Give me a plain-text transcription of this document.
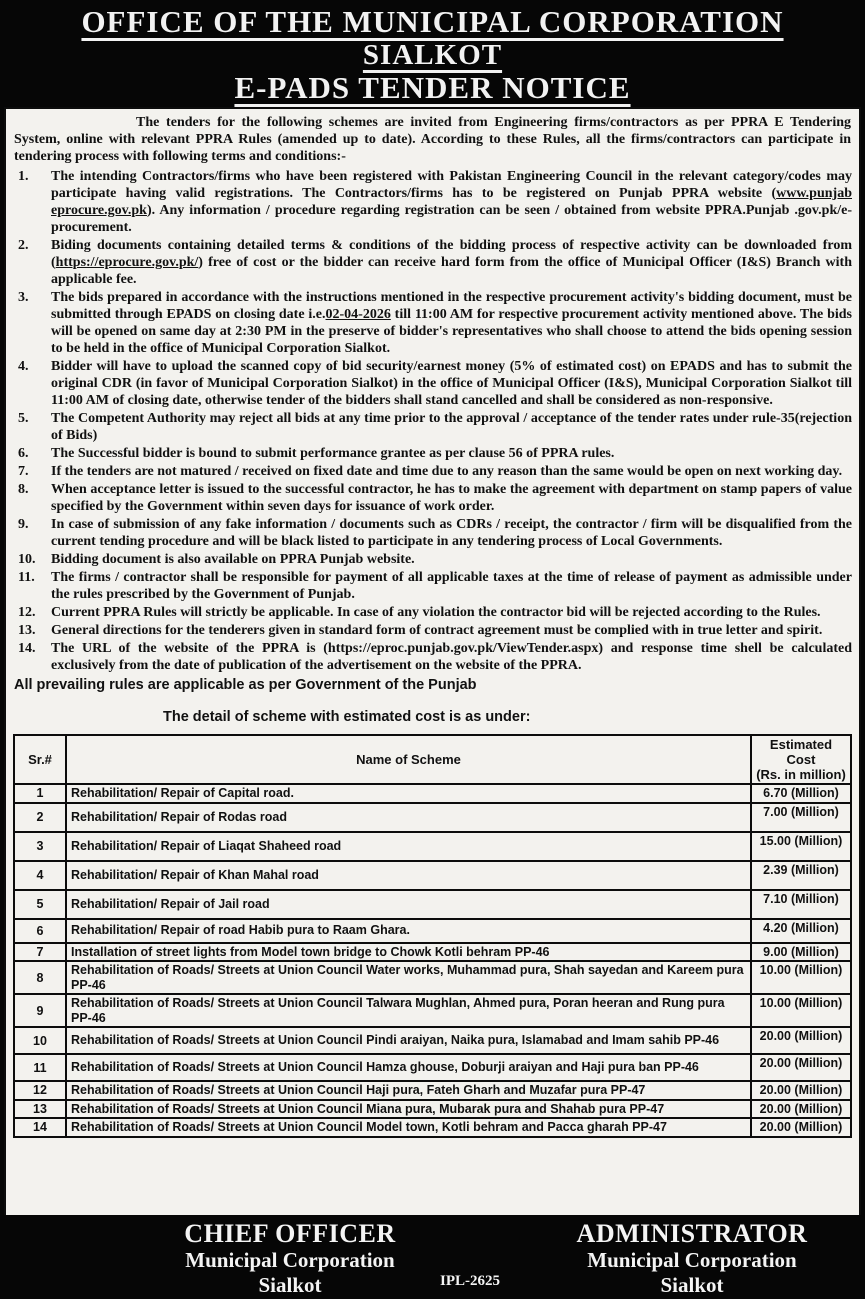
OFFICE OF THE MUNICIPAL CORPORATION
SIALKOT
E-PADS TENDER NOTICE

The tenders for the following schemes are invited from Engineering firms/contractors as per PPRA E Tendering System, online with relevant PPRA Rules (amended up to date). According to these Rules, all the firms/contractors can participate in tendering process with following terms and conditions:-

1. The intending Contractors/firms who have been registered with Pakistan Engineering Council in the relevant category/codes may participate having valid registrations. The Contractors/firms has to be registered on Punjab PPRA website (www.punjab eprocure.gov.pk). Any information / procedure regarding registration can be seen / obtained from website PPRA.Punjab .gov.pk/e-procurement.
2. Biding documents containing detailed terms & conditions of the bidding process of respective activity can be downloaded from (https://eprocure.gov.pk/) free of cost or the bidder can receive hard form from the office of Municipal Officer (I&S) Branch with applicable fee.
3. The bids prepared in accordance with the instructions mentioned in the respective procurement activity's bidding document, must be submitted through EPADS on closing date i.e.02-04-2026 till 11:00 AM for respective procurement activity mentioned above. The bids will be opened on same day at 2:30 PM in the preserve of bidder's representatives who shall choose to attend the bids opening session to be held in the office of Municipal Corporation Sialkot.
4. Bidder will have to upload the scanned copy of bid security/earnest money (5% of estimated cost) on EPADS and has to submit the original CDR (in favor of Municipal Corporation Sialkot) in the office of Municipal Officer (I&S), Municipal Corporation Sialkot till 11:00 AM of closing date, otherwise tender of the bidders shall stand cancelled and shall be considered as non-responsive.
5. The Competent Authority may reject all bids at any time prior to the approval / acceptance of the tender rates under rule-35(rejection of Bids)
6. The Successful bidder is bound to submit performance grantee as per clause 56 of PPRA rules.
7. If the tenders are not matured / received on fixed date and time due to any reason than the same would be open on next working day.
8. When acceptance letter is issued to the successful contractor, he has to make the agreement with department on stamp papers of value specified by the Government within seven days for issuance of work order.
9. In case of submission of any fake information / documents such as CDRs / receipt, the contractor / firm will be disqualified from the current tending procedure and will be black listed to participate in any tendering process of Local Governments.
10. Bidding document is also available on PPRA Punjab website.
11. The firms / contractor shall be responsible for payment of all applicable taxes at the time of release of payment as admissible under the rules prescribed by the Government of Punjab.
12. Current PPRA Rules will strictly be applicable. In case of any violation the contractor bid will be rejected according to the Rules.
13. General directions for the tenderers given in standard form of contract agreement must be complied with in true letter and spirit.
14. The URL of the website of the PPRA is (https://eproc.punjab.gov.pk/ViewTender.aspx) and response time shell be calculated exclusively from the date of publication of the advertisement on the website of the PPRA.

All prevailing rules are applicable as per Government of the Punjab

The detail of scheme with estimated cost is as under:

Sr.#	Name of Scheme	Estimated Cost
(Rs. in million)
1	Rehabilitation/ Repair of Capital road.	6.70 (Million)
2	Rehabilitation/ Repair of Rodas road	7.00 (Million)
3	Rehabilitation/ Repair of Liaqat Shaheed road	15.00 (Million)
4	Rehabilitation/ Repair of Khan Mahal road	2.39 (Million)
5	Rehabilitation/ Repair of Jail road	7.10 (Million)
6	Rehabilitation/ Repair of road Habib pura to Raam Ghara.	4.20 (Million)
7	Installation of street lights from Model town bridge to Chowk Kotli behram PP-46	9.00 (Million)
8	Rehabilitation of Roads/ Streets at Union Council Water works, Muhammad pura, Shah sayedan and Kareem pura PP-46	10.00 (Million)
9	Rehabilitation of Roads/ Streets at Union Council Talwara Mughlan, Ahmed pura, Poran heeran and Rung pura PP-46	10.00 (Million)
10	Rehabilitation of Roads/ Streets at Union Council Pindi araiyan, Naika pura, Islamabad and Imam sahib PP-46	20.00 (Million)
11	Rehabilitation of Roads/ Streets at Union Council Hamza ghouse, Doburji araiyan and Haji pura ban PP-46	20.00 (Million)
12	Rehabilitation of Roads/ Streets at Union Council Haji pura, Fateh Gharh and Muzafar pura PP-47	20.00 (Million)
13	Rehabilitation of Roads/ Streets at Union Council Miana pura, Mubarak pura and Shahab pura PP-47	20.00 (Million)
14	Rehabilitation of Roads/ Streets at Union Council Model town, Kotli behram and Pacca gharah PP-47	20.00 (Million)
CHIEF OFFICER
Municipal Corporation
Sialkot	IPL-2625
ADMINISTRATOR
Municipal Corporation
Sialkot
